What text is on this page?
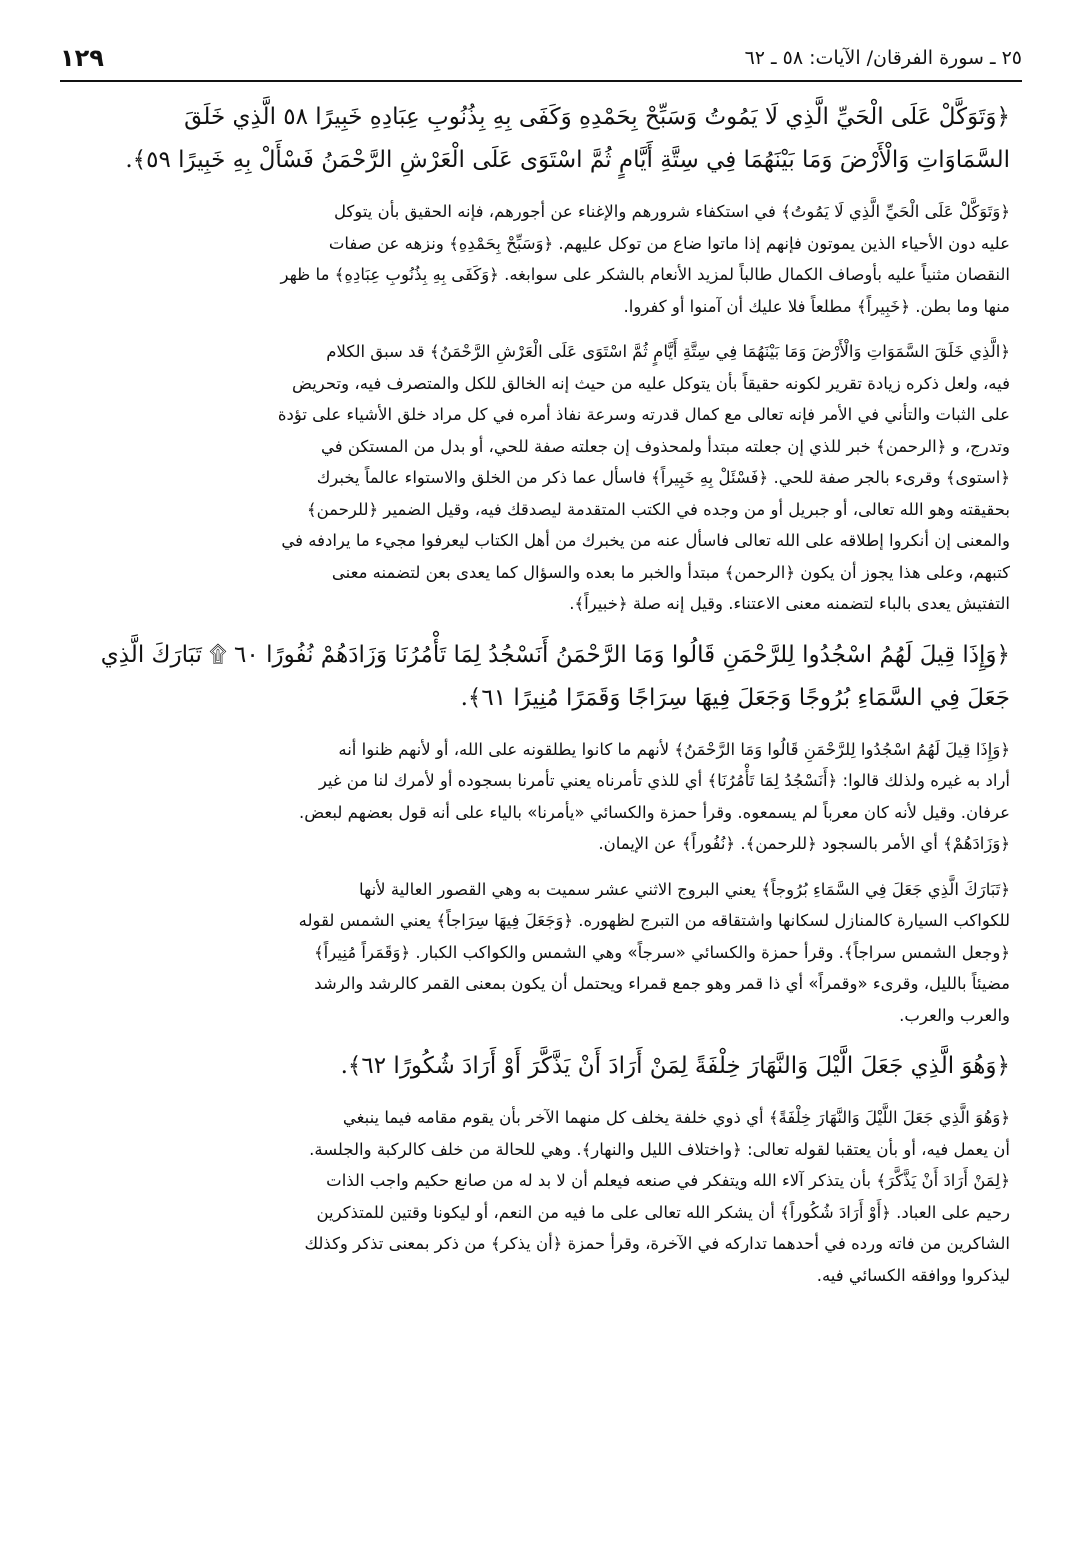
٢٥ ـ سورة الفرقان/ الآيات: ٥٨ ـ ٦٢
١٢٩
﴿وَتَوَكَّلْ عَلَى الْحَيِّ الَّذِي لَا يَمُوتُ وَسَبِّحْ بِحَمْدِهِ وَكَفَى بِهِ بِذُنُوبِ عِبَادِهِ خَبِيرًا ٥٨ الَّذِي خَلَقَ
السَّمَاوَاتِ وَالْأَرْضَ وَمَا بَيْنَهُمَا فِي سِتَّةِ أَيَّامٍ ثُمَّ اسْتَوَى عَلَى الْعَرْشِ الرَّحْمَنُ فَسْأَلْ بِهِ خَبِيرًا ٥٩﴾.
﴿وَتَوَكَّلْ عَلَى الْحَيِّ الَّذِي لَا يَمُوتُ﴾ في استكفاء شرورهم والإغناء عن أجورهم، فإنه الحقيق بأن يتوكل
عليه دون الأحياء الذين يموتون فإنهم إذا ماتوا ضاع من توكل عليهم. ﴿وَسَبِّحْ بِحَمْدِهِ﴾ ونزهه عن صفات
النقصان مثنياً عليه بأوصاف الكمال طالباً لمزيد الأنعام بالشكر على سوابغه. ﴿وَكَفَى بِهِ بِذُنُوبِ عِبَادِهِ﴾ ما ظهر
منها وما بطن. ﴿خَبِيراً﴾ مطلعاً فلا عليك أن آمنوا أو كفروا.
﴿الَّذِي خَلَقَ السَّمَوَاتِ وَالْأَرْضَ وَمَا بَيْنَهُمَا فِي سِتَّةِ أَيَّامٍ ثُمَّ اسْتَوَى عَلَى الْعَرْشِ الرَّحْمَنُ﴾ قد سبق الكلام
فيه، ولعل ذكره زيادة تقرير لكونه حقيقاً بأن يتوكل عليه من حيث إنه الخالق للكل والمتصرف فيه، وتحريض
على الثبات والتأني في الأمر فإنه تعالى مع كمال قدرته وسرعة نفاذ أمره في كل مراد خلق الأشياء على تؤدة
وتدرج، و ﴿الرحمن﴾ خبر للذي إن جعلته مبتدأ ولمحذوف إن جعلته صفة للحي، أو بدل من المستكن في
﴿استوى﴾ وقرىء بالجر صفة للحي. ﴿فَسْئَلْ بِهِ خَبِيراً﴾ فاسأل عما ذكر من الخلق والاستواء عالماً يخبرك
بحقيقته وهو الله تعالى، أو جبريل أو من وجده في الكتب المتقدمة ليصدقك فيه، وقيل الضمير ﴿للرحمن﴾
والمعنى إن أنكروا إطلاقه على الله تعالى فاسأل عنه من يخبرك من أهل الكتاب ليعرفوا مجيء ما يرادفه في
كتبهم، وعلى هذا يجوز أن يكون ﴿الرحمن﴾ مبتدأ والخبر ما بعده والسؤال كما يعدى بعن لتضمنه معنى
التفتيش يعدى بالباء لتضمنه معنى الاعتناء. وقيل إنه صلة ﴿خبيراً﴾.
﴿وَإِذَا قِيلَ لَهُمُ اسْجُدُوا لِلرَّحْمَنِ قَالُوا وَمَا الرَّحْمَنُ أَنَسْجُدُ لِمَا تَأْمُرُنَا وَزَادَهُمْ نُفُورًا ٦٠ ۩ تَبَارَكَ الَّذِي
جَعَلَ فِي السَّمَاءِ بُرُوجًا وَجَعَلَ فِيهَا سِرَاجًا وَقَمَرًا مُنِيرًا ٦١﴾.
﴿وَإِذَا قِيلَ لَهُمُ اسْجُدُوا لِلرَّحْمَنِ قَالُوا وَمَا الرَّحْمَنُ﴾ لأنهم ما كانوا يطلقونه على الله، أو لأنهم ظنوا أنه
أراد به غيره ولذلك قالوا: ﴿أَنَسْجُدُ لِمَا تَأْمُرُنَا﴾ أي للذي تأمرناه يعني تأمرنا بسجوده أو لأمرك لنا من غير
عرفان. وقيل لأنه كان معرباً لم يسمعوه. وقرأ حمزة والكسائي «يأمرنا» بالياء على أنه قول بعضهم لبعض.
﴿وَزَادَهُمْ﴾ أي الأمر بالسجود ﴿للرحمن﴾. ﴿نُفُوراً﴾ عن الإيمان.
﴿تَبَارَكَ الَّذِي جَعَلَ فِي السَّمَاءِ بُرُوجاً﴾ يعني البروج الاثني عشر سميت به وهي القصور العالية لأنها
للكواكب السيارة كالمنازل لسكانها واشتقاقه من التبرج لظهوره. ﴿وَجَعَلَ فِيهَا سِرَاجاً﴾ يعني الشمس لقوله
﴿وجعل الشمس سراجاً﴾. وقرأ حمزة والكسائي «سرجاً» وهي الشمس والكواكب الكبار. ﴿وَقَمَراً مُنِيراً﴾
مضيئاً بالليل، وقرىء «وقمراً» أي ذا قمر وهو جمع قمراء ويحتمل أن يكون بمعنى القمر كالرشد والرشد
والعرب والعرب.
﴿وَهُوَ الَّذِي جَعَلَ الَّيْلَ وَالنَّهَارَ خِلْفَةً لِمَنْ أَرَادَ أَنْ يَذَّكَّرَ أَوْ أَرَادَ شُكُورًا ٦٢﴾.
﴿وَهُوَ الَّذِي جَعَلَ اللَّيْلَ وَالنَّهَارَ خِلْفَةً﴾ أي ذوي خلفة يخلف كل منهما الآخر بأن يقوم مقامه فيما ينبغي
أن يعمل فيه، أو بأن يعتقبا لقوله تعالى: ﴿واختلاف الليل والنهار﴾. وهي للحالة من خلف كالركبة والجلسة.
﴿لِمَنْ أَرَادَ أَنْ يَذَّكَّرَ﴾ بأن يتذكر آلاء الله ويتفكر في صنعه فيعلم أن لا بد له من صانع حكيم واجب الذات
رحيم على العباد. ﴿أَوْ أَرَادَ شُكُوراً﴾ أن يشكر الله تعالى على ما فيه من النعم، أو ليكونا وقتين للمتذكرين
الشاكرين من فاته ورده في أحدهما تداركه في الآخرة، وقرأ حمزة ﴿أن يذكر﴾ من ذكر بمعنى تذكر وكذلك
ليذكروا ووافقه الكسائي فيه.
